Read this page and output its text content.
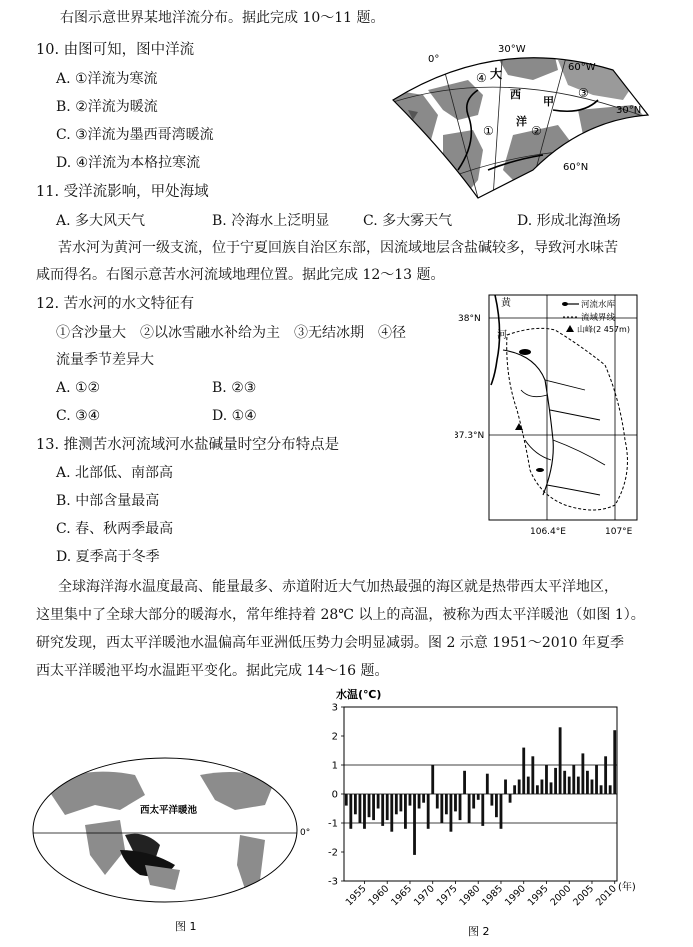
右图示意世界某地洋流分布。据此完成 10～11 题。
10. 由图可知，图中洋流
A. ①洋流为寒流
B. ②洋流为暖流
C. ③洋流为墨西哥湾暖流
D. ④洋流为本格拉寒流
11. 受洋流影响，甲处海域
A. 多大风天气	B. 冷海水上泛明显 C. 多大雾天气	D. 形成北海渔场
0°
30°W
60°W
30°N
60°N
④ 大
西
甲
③
①
洋
②
苦水河为黄河一级支流，位于宁夏回族自治区东部，因流域地层含盐碱较多，导致河水味苦
咸而得名。右图示意苦水河流域地理位置。据此完成 12～13 题。
12. 苦水河的水文特征有
①含沙量大　②以冰雪融水补给为主　③无结冰期　④径
流量季节差异大
A. ①②	B. ②③
C. ③④	D. ①④
13. 推测苦水河流域河水盐碱量时空分布特点是
A. 北部低、南部高
B. 中部含量最高
C. 春、秋两季最高
D. 夏季高于冬季
河流水库
流域界线
山峰(2 457m)
38°N
37.3°N
106.4°E	107°E
黄
河
全球海洋海水温度最高、能量最多、赤道附近大气加热最强的海区就是热带西太平洋地区，
这里集中了全球大部分的暖海水，常年维持着 28℃ 以上的高温，被称为西太平洋暖池（如图 1）。
研究发现，西太平洋暖池水温偏高年亚洲低压势力会明显减弱。图 2 示意 1951～2010 年夏季
西太平洋暖池平均水温距平变化。据此完成 14～16 题。
西太平洋暖池
0°
图 1
水温(℃)
(年)
图 2
-3
-2
-1
0
1
2
3
1955
1960
1965
1970
1975
1980
1985
1990
1995
2000
2005
2010
